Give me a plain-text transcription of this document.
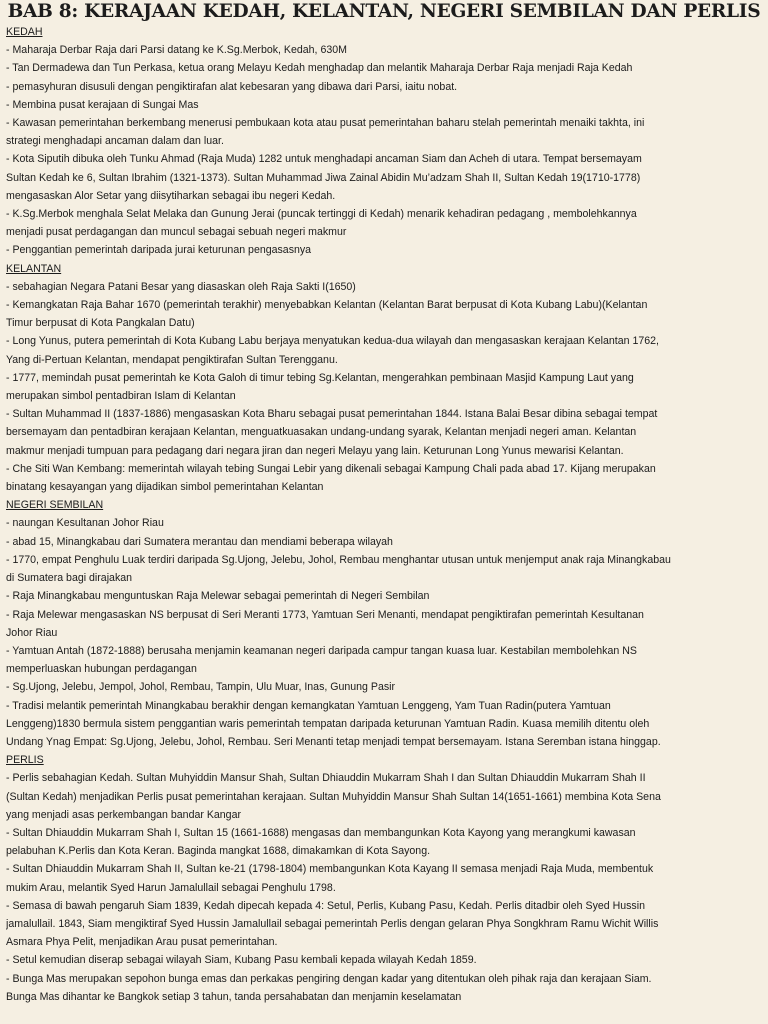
BAB 8: KERAJAAN KEDAH, KELANTAN, NEGERI SEMBILAN DAN PERLIS
KEDAH
- Maharaja Derbar Raja dari Parsi datang ke K.Sg.Merbok, Kedah, 630M
- Tan Dermadewa dan Tun Perkasa, ketua orang Melayu Kedah menghadap dan melantik Maharaja Derbar Raja menjadi Raja Kedah
- pemasyhuran disusuli dengan pengiktirafan alat kebesaran yang dibawa dari Parsi, iaitu nobat.
- Membina pusat kerajaan di Sungai Mas
- Kawasan pemerintahan berkembang menerusi pembukaan kota atau pusat pemerintahan baharu stelah pemerintah menaiki takhta, ini
strategi menghadapi ancaman dalam dan luar.
- Kota Siputih dibuka oleh Tunku Ahmad (Raja Muda) 1282 untuk menghadapi ancaman Siam dan Acheh di utara. Tempat bersemayam
Sultan Kedah ke 6, Sultan Ibrahim (1321-1373). Sultan Muhammad Jiwa Zainal Abidin Mu’adzam Shah II, Sultan Kedah 19(1710-1778)
mengasaskan Alor Setar yang diisytiharkan sebagai ibu negeri Kedah.
- K.Sg.Merbok menghala Selat Melaka dan Gunung Jerai (puncak tertinggi di Kedah) menarik kehadiran pedagang , membolehkannya
menjadi pusat perdagangan dan muncul sebagai sebuah negeri makmur
- Penggantian pemerintah daripada jurai keturunan pengasasnya
KELANTAN
- sebahagian Negara Patani Besar yang diasaskan oleh Raja Sakti I(1650)
- Kemangkatan Raja Bahar 1670 (pemerintah terakhir) menyebabkan Kelantan (Kelantan Barat berpusat di Kota Kubang Labu)(Kelantan
Timur berpusat di Kota Pangkalan Datu)
- Long Yunus, putera pemerintah di Kota Kubang Labu berjaya menyatukan kedua-dua wilayah dan mengasaskan kerajaan Kelantan 1762,
Yang di-Pertuan Kelantan, mendapat pengiktirafan Sultan Terengganu.
- 1777, memindah pusat pemerintah ke Kota Galoh di timur tebing Sg.Kelantan, mengerahkan pembinaan Masjid Kampung Laut yang
merupakan simbol pentadbiran Islam di Kelantan
- Sultan Muhammad II (1837-1886) mengasaskan Kota Bharu sebagai pusat pemerintahan 1844. Istana Balai Besar dibina sebagai tempat
bersemayam dan pentadbiran kerajaan Kelantan, menguatkuasakan undang-undang syarak, Kelantan menjadi negeri aman. Kelantan
makmur menjadi tumpuan para pedagang dari negara jiran dan negeri Melayu yang lain. Keturunan Long Yunus mewarisi Kelantan.
- Che Siti Wan Kembang: memerintah wilayah tebing Sungai Lebir yang dikenali sebagai Kampung Chali pada abad 17. Kijang merupakan
binatang kesayangan yang dijadikan simbol pemerintahan Kelantan
NEGERI SEMBILAN
- naungan Kesultanan Johor Riau
- abad 15, Minangkabau dari Sumatera merantau dan mendiami beberapa wilayah
- 1770, empat Penghulu Luak terdiri daripada Sg.Ujong, Jelebu, Johol, Rembau menghantar utusan untuk menjemput anak raja Minangkabau
di Sumatera bagi dirajakan
- Raja Minangkabau menguntuskan Raja Melewar sebagai pemerintah di Negeri Sembilan
- Raja Melewar mengasaskan NS berpusat di Seri Meranti 1773, Yamtuan Seri Menanti, mendapat pengiktirafan pemerintah Kesultanan
Johor Riau
- Yamtuan Antah (1872-1888) berusaha menjamin keamanan negeri daripada campur tangan kuasa luar. Kestabilan membolehkan NS
memperluaskan hubungan perdagangan
- Sg.Ujong, Jelebu, Jempol, Johol, Rembau, Tampin, Ulu Muar, Inas, Gunung Pasir
- Tradisi melantik pemerintah Minangkabau berakhir dengan kemangkatan Yamtuan Lenggeng, Yam Tuan Radin(putera Yamtuan
Lenggeng)1830 bermula sistem penggantian waris pemerintah tempatan daripada keturunan Yamtuan Radin. Kuasa memilih ditentu oleh
Undang Ynag Empat: Sg.Ujong, Jelebu, Johol, Rembau. Seri Menanti tetap menjadi tempat bersemayam. Istana Seremban istana hinggap.
PERLIS
- Perlis sebahagian Kedah. Sultan Muhyiddin Mansur Shah, Sultan Dhiauddin Mukarram Shah I dan Sultan Dhiauddin Mukarram Shah II
(Sultan Kedah) menjadikan Perlis pusat pemerintahan kerajaan. Sultan Muhyiddin Mansur Shah Sultan 14(1651-1661) membina Kota Sena
yang menjadi asas perkembangan bandar Kangar
- Sultan Dhiauddin Mukarram Shah I, Sultan 15 (1661-1688) mengasas dan membangunkan Kota Kayong yang merangkumi kawasan
pelabuhan K.Perlis dan Kota Keran. Baginda mangkat 1688, dimakamkan di Kota Sayong.
- Sultan Dhiauddin Mukarram Shah II, Sultan ke-21 (1798-1804) membangunkan Kota Kayang II semasa menjadi Raja Muda, membentuk
mukim Arau, melantik Syed Harun Jamalullail sebagai Penghulu 1798.
- Semasa di bawah pengaruh Siam 1839, Kedah dipecah kepada 4: Setul, Perlis, Kubang Pasu, Kedah. Perlis ditadbir oleh Syed Hussin
jamalullail. 1843, Siam mengiktiraf Syed Hussin Jamalullail sebagai pemerintah Perlis dengan gelaran Phya Songkhram Ramu Wichit Willis
Asmara Phya Pelit, menjadikan Arau pusat pemerintahan.
- Setul kemudian diserap sebagai wilayah Siam, Kubang Pasu kembali kepada wilayah Kedah 1859.
- Bunga Mas merupakan sepohon bunga emas dan perkakas pengiring dengan kadar yang ditentukan oleh pihak raja dan kerajaan Siam.
Bunga Mas dihantar ke Bangkok setiap 3 tahun, tanda persahabatan dan menjamin keselamatan
